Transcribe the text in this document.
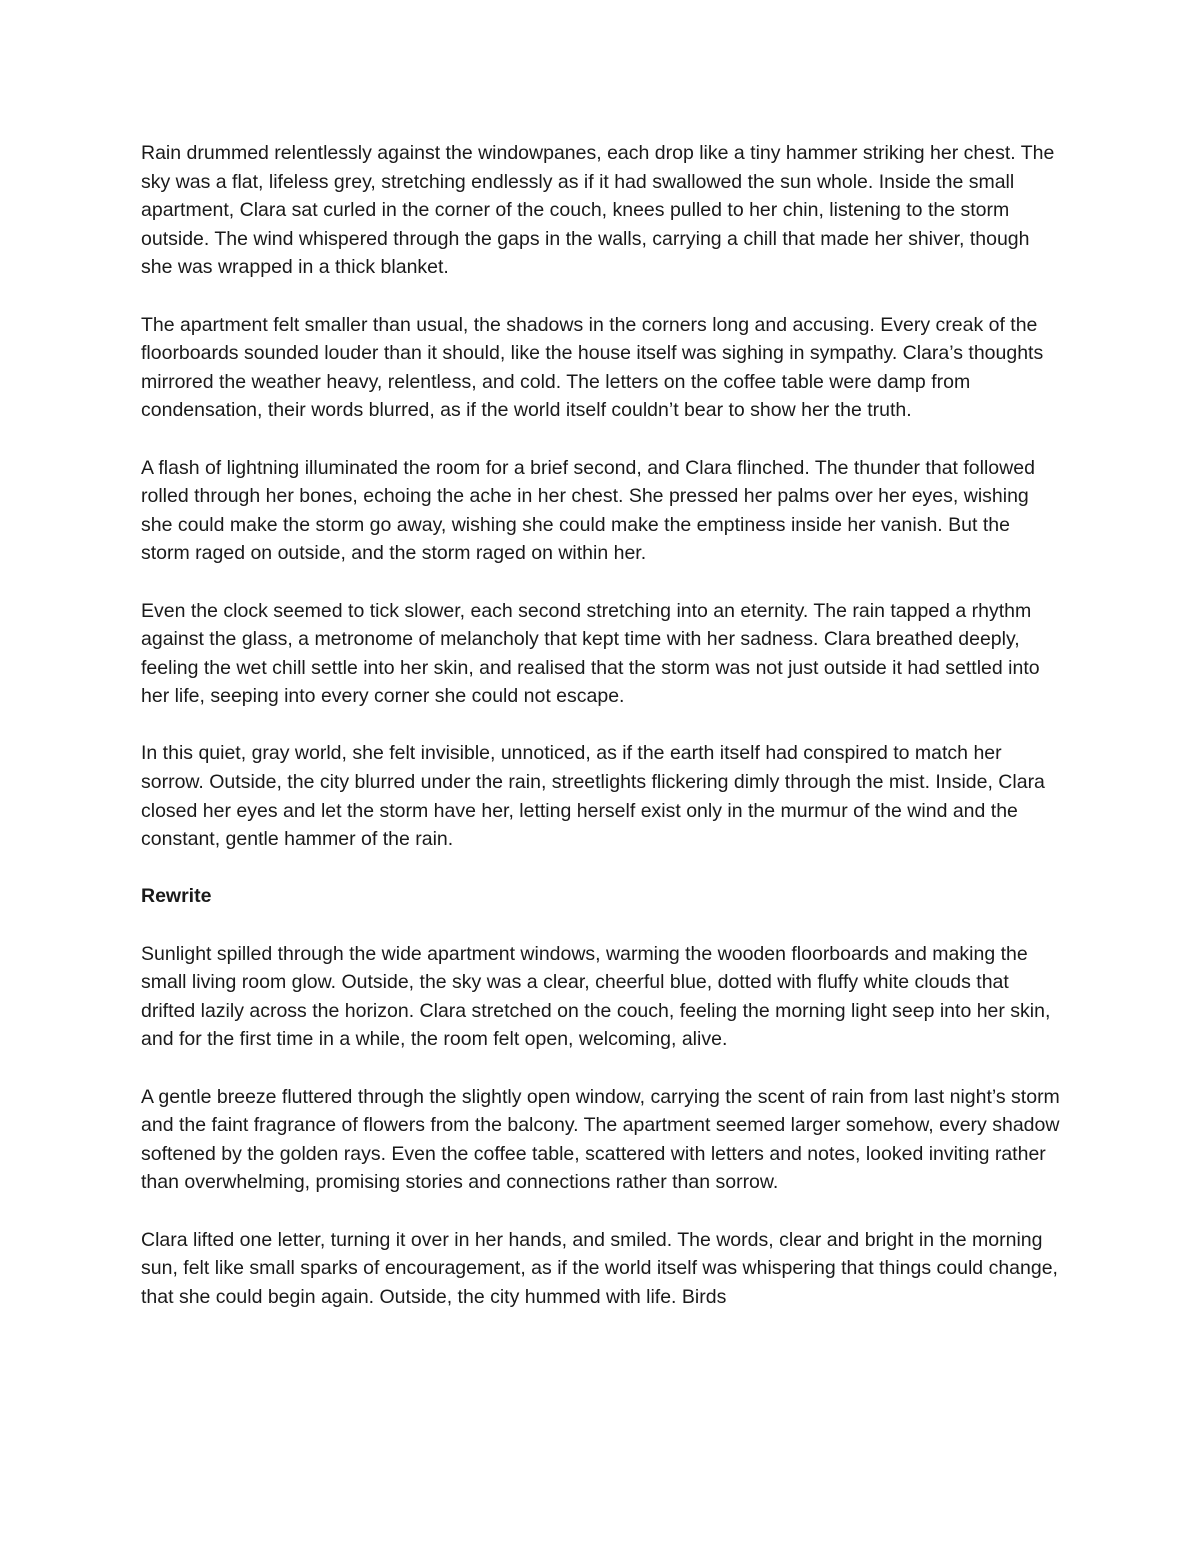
Rain drummed relentlessly against the windowpanes, each drop like a tiny hammer striking her chest. The sky was a flat, lifeless grey, stretching endlessly as if it had swallowed the sun whole. Inside the small apartment, Clara sat curled in the corner of the couch, knees pulled to her chin, listening to the storm outside. The wind whispered through the gaps in the walls, carrying a chill that made her shiver, though she was wrapped in a thick blanket.

The apartment felt smaller than usual, the shadows in the corners long and accusing. Every creak of the floorboards sounded louder than it should, like the house itself was sighing in sympathy. Clara’s thoughts mirrored the weather heavy, relentless, and cold. The letters on the coffee table were damp from condensation, their words blurred, as if the world itself couldn’t bear to show her the truth.

A flash of lightning illuminated the room for a brief second, and Clara flinched. The thunder that followed rolled through her bones, echoing the ache in her chest. She pressed her palms over her eyes, wishing she could make the storm go away, wishing she could make the emptiness inside her vanish. But the storm raged on outside, and the storm raged on within her.

Even the clock seemed to tick slower, each second stretching into an eternity. The rain tapped a rhythm against the glass, a metronome of melancholy that kept time with her sadness. Clara breathed deeply, feeling the wet chill settle into her skin, and realised that the storm was not just outside it had settled into her life, seeping into every corner she could not escape.

In this quiet, gray world, she felt invisible, unnoticed, as if the earth itself had conspired to match her sorrow. Outside, the city blurred under the rain, streetlights flickering dimly through the mist. Inside, Clara closed her eyes and let the storm have her, letting herself exist only in the murmur of the wind and the constant, gentle hammer of the rain.

Rewrite

Sunlight spilled through the wide apartment windows, warming the wooden floorboards and making the small living room glow. Outside, the sky was a clear, cheerful blue, dotted with fluffy white clouds that drifted lazily across the horizon. Clara stretched on the couch, feeling the morning light seep into her skin, and for the first time in a while, the room felt open, welcoming, alive.

A gentle breeze fluttered through the slightly open window, carrying the scent of rain from last night’s storm and the faint fragrance of flowers from the balcony. The apartment seemed larger somehow, every shadow softened by the golden rays. Even the coffee table, scattered with letters and notes, looked inviting rather than overwhelming, promising stories and connections rather than sorrow.

Clara lifted one letter, turning it over in her hands, and smiled. The words, clear and bright in the morning sun, felt like small sparks of encouragement, as if the world itself was whispering that things could change, that she could begin again. Outside, the city hummed with life. Birds
